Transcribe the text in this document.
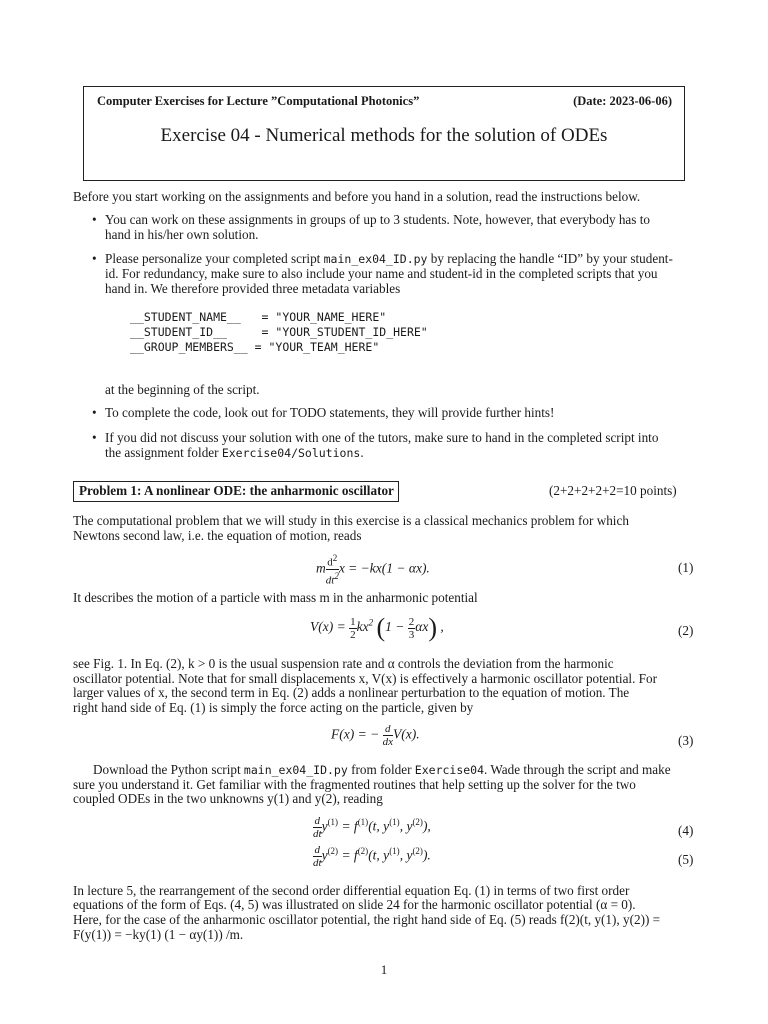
Computer Exercises for Lecture ”Computational Photonics”	(Date: 2023-06-06)
Exercise 04 - Numerical methods for the solution of ODEs
Before you start working on the assignments and before you hand in a solution, read the instructions below.
• You can work on these assignments in groups of up to 3 students. Note, however, that everybody has to
hand in his/her own solution.
• Please personalize your completed script main_ex04_ID.py by replacing the handle “ID” by your student-
id. For redundancy, make sure to also include your name and student-id in the completed scripts that you
hand in. We therefore provided three metadata variables
__STUDENT_NAME__   = "YOUR_NAME_HERE"
__STUDENT_ID__     = "YOUR_STUDENT_ID_HERE"
__GROUP_MEMBERS__ = "YOUR_TEAM_HERE"
at the beginning of the script.
• To complete the code, look out for TODO statements, they will provide further hints!
• If you did not discuss your solution with one of the tutors, make sure to hand in the completed script into
the assignment folder Exercise04/Solutions.
Problem 1: A nonlinear ODE: the anharmonic oscillator	(2+2+2+2+2=10 points)
The computational problem that we will study in this exercise is a classical mechanics problem for which
Newtons second law, i.e. the equation of motion, reads
m $\frac{d^2}{dt^2}$ x = −kx(1 − αx).	(1)
It describes the motion of a particle with mass m in the anharmonic potential
$V(x) = \frac{1}{2} kx^2$ $(1 - \frac{2}{3} \alpha x)$ ,	(2)
see Fig. 1. In Eq. (2), k > 0 is the usual suspension rate and α controls the deviation from the harmonic
oscillator potential. Note that for small displacements x, V(x) is effectively a harmonic oscillator potential. For
larger values of x, the second term in Eq. (2) adds a nonlinear perturbation to the equation of motion. The
right hand side of Eq. (1) is simply the force acting on the particle, given by
F(x) = − $\frac{d}{dx} V(x)$.	(3)
Download the Python script main_ex04_ID.py from folder Exercise04. Wade through the script and make
sure you understand it. Get familiar with the fragmented routines that help setting up the solver for the two
coupled ODEs in the two unknowns y(1) and y(2), reading
$\frac{d}{dt} y^{(1)} = f^{(1)}(t$, $y^{(1)}$, $y^{(2)}$),	(4)
$\frac{d}{dt} y^{(2)} = f^{(2)}(t$, $y^{(1)}$, $y^{(2)}$).	(5)
In lecture 5, the rearrangement of the second order differential equation Eq. (1) in terms of two first order
equations of the form of Eqs. (4, 5) was illustrated on slide 24 for the harmonic oscillator potential (α = 0).
Here, for the case of the anharmonic oscillator potential, the right hand side of Eq. (5) reads f(2)(t, y(1), y(2)) =
F(y(1)) = −ky(1) (1 − αy(1)) /m.
1
